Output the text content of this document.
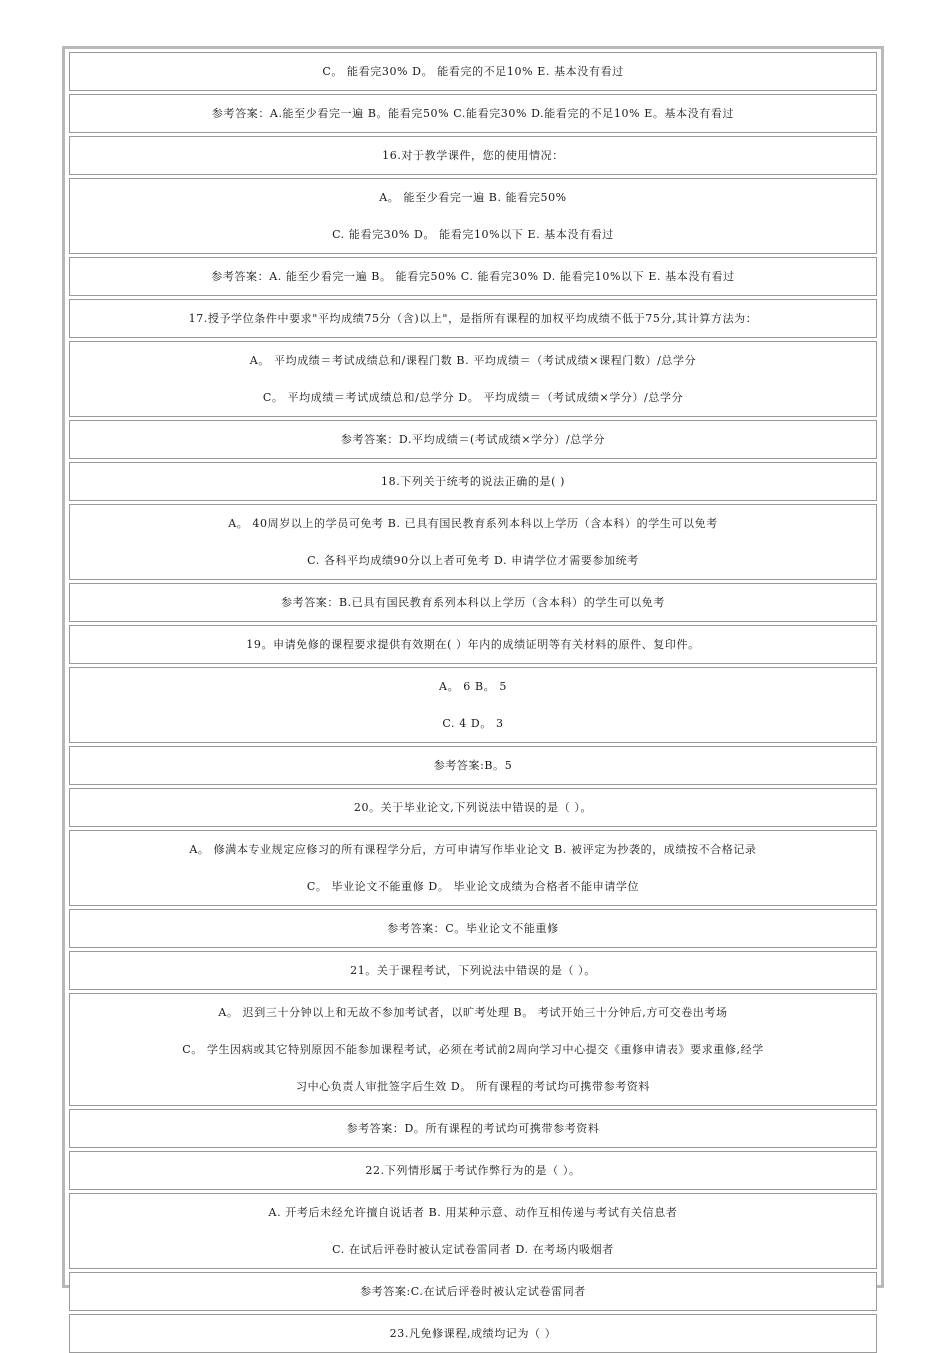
C。 能看完30% D。 能看完的不足10% E. 基本没有看过
参考答案：A.能至少看完一遍 B。能看完50% C.能看完30% D.能看完的不足10% E。基本没有看过
16.对于教学课件，您的使用情况：
A。 能至少看完一遍 B. 能看完50%
C. 能看完30% D。 能看完10%以下 E. 基本没有看过
参考答案：A. 能至少看完一遍 B。 能看完50% C. 能看完30% D. 能看完10%以下 E. 基本没有看过
17.授予学位条件中要求"平均成绩75分（含)以上"，是指所有课程的加权平均成绩不低于75分,其计算方法为：
A。 平均成绩＝考试成绩总和/课程门数 B. 平均成绩＝（考试成绩×课程门数）/总学分
C。 平均成绩＝考试成绩总和/总学分 D。 平均成绩＝（考试成绩×学分）/总学分
参考答案：D.平均成绩＝(考试成绩×学分）/总学分
18.下列关于统考的说法正确的是( )
A。 40周岁以上的学员可免考 B. 已具有国民教育系列本科以上学历（含本科）的学生可以免考
C. 各科平均成绩90分以上者可免考 D. 申请学位才需要参加统考
参考答案：B.已具有国民教育系列本科以上学历（含本科）的学生可以免考
19。申请免修的课程要求提供有效期在( ）年内的成绩证明等有关材料的原件、复印件。
A。 6 B。 5
C. 4 D。 3
参考答案:B。5
20。关于毕业论文,下列说法中错误的是（ ）。
A。 修满本专业规定应修习的所有课程学分后，方可申请写作毕业论文 B. 被评定为抄袭的，成绩按不合格记录
C。 毕业论文不能重修 D。 毕业论文成绩为合格者不能申请学位
参考答案：C。毕业论文不能重修
21。关于课程考试，下列说法中错误的是（ ）。
A。 迟到三十分钟以上和无故不参加考试者，以旷考处理 B。 考试开始三十分钟后,方可交卷出考场
C。 学生因病或其它特别原因不能参加课程考试，必须在考试前2周向学习中心提交《重修申请表》要求重修,经学
习中心负责人审批签字后生效 D。 所有课程的考试均可携带参考资料
参考答案：D。所有课程的考试均可携带参考资料
22.下列情形属于考试作弊行为的是（ ）。
A. 开考后未经允许擅自说话者 B. 用某种示意、动作互相传递与考试有关信息者
C. 在试后评卷时被认定试卷雷同者 D. 在考场内吸烟者
参考答案:C.在试后评卷时被认定试卷雷同者
23.凡免修课程,成绩均记为（ ）
